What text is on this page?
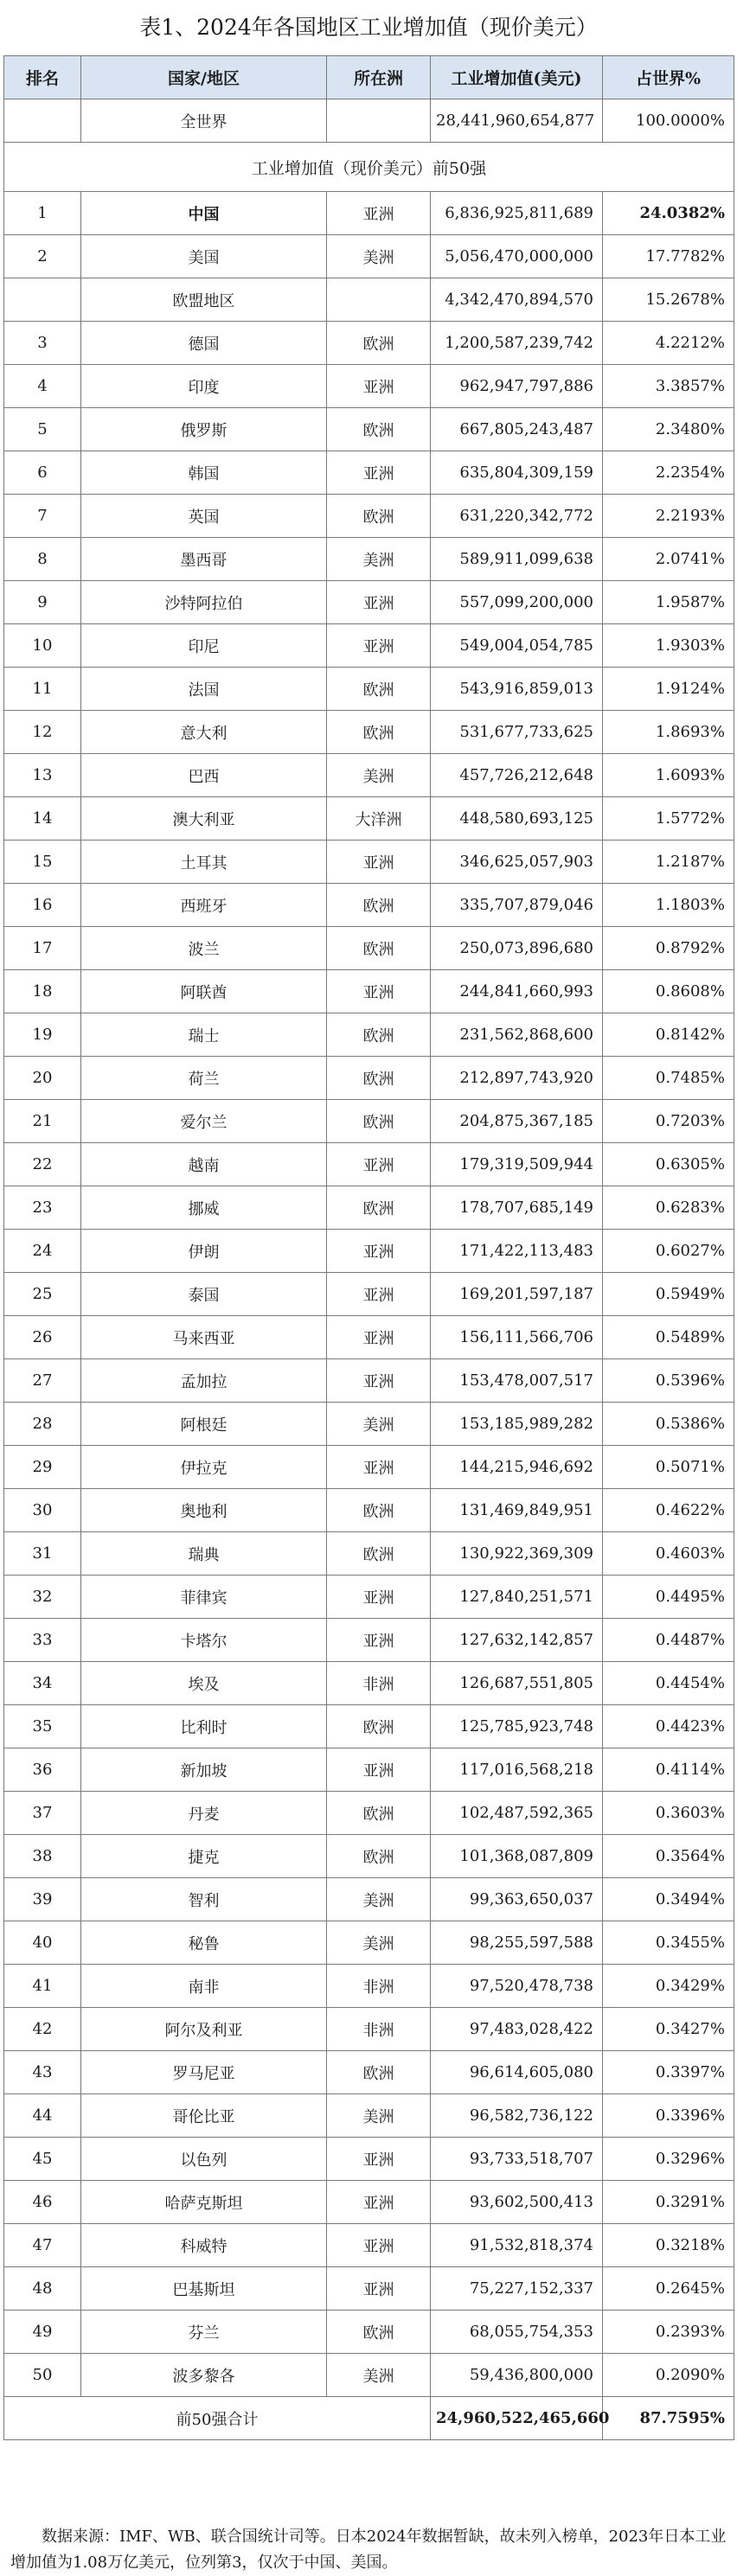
表1、2024年各国地区工业增加值（现价美元）
排名	国家/地区	所在洲	工业增加值(美元)	占世界%
	全世界		28,441,960,654,877	100.0000%
工业增加值（现价美元）前50强				
1	中国	亚洲	6,836,925,811,689	24.0382%
2	美国	美洲	5,056,470,000,000	17.7782%
	欧盟地区		4,342,470,894,570	15.2678%
3	德国	欧洲	1,200,587,239,742	4.2212%
4	印度	亚洲	962,947,797,886	3.3857%
5	俄罗斯	欧洲	667,805,243,487	2.3480%
6	韩国	亚洲	635,804,309,159	2.2354%
7	英国	欧洲	631,220,342,772	2.2193%
8	墨西哥	美洲	589,911,099,638	2.0741%
9	沙特阿拉伯	亚洲	557,099,200,000	1.9587%
10	印尼	亚洲	549,004,054,785	1.9303%
11	法国	欧洲	543,916,859,013	1.9124%
12	意大利	欧洲	531,677,733,625	1.8693%
13	巴西	美洲	457,726,212,648	1.6093%
14	澳大利亚	大洋洲	448,580,693,125	1.5772%
15	土耳其	亚洲	346,625,057,903	1.2187%
16	西班牙	欧洲	335,707,879,046	1.1803%
17	波兰	欧洲	250,073,896,680	0.8792%
18	阿联酋	亚洲	244,841,660,993	0.8608%
19	瑞士	欧洲	231,562,868,600	0.8142%
20	荷兰	欧洲	212,897,743,920	0.7485%
21	爱尔兰	欧洲	204,875,367,185	0.7203%
22	越南	亚洲	179,319,509,944	0.6305%
23	挪威	欧洲	178,707,685,149	0.6283%
24	伊朗	亚洲	171,422,113,483	0.6027%
25	泰国	亚洲	169,201,597,187	0.5949%
26	马来西亚	亚洲	156,111,566,706	0.5489%
27	孟加拉	亚洲	153,478,007,517	0.5396%
28	阿根廷	美洲	153,185,989,282	0.5386%
29	伊拉克	亚洲	144,215,946,692	0.5071%
30	奥地利	欧洲	131,469,849,951	0.4622%
31	瑞典	欧洲	130,922,369,309	0.4603%
32	菲律宾	亚洲	127,840,251,571	0.4495%
33	卡塔尔	亚洲	127,632,142,857	0.4487%
34	埃及	非洲	126,687,551,805	0.4454%
35	比利时	欧洲	125,785,923,748	0.4423%
36	新加坡	亚洲	117,016,568,218	0.4114%
37	丹麦	欧洲	102,487,592,365	0.3603%
38	捷克	欧洲	101,368,087,809	0.3564%
39	智利	美洲	99,363,650,037	0.3494%
40	秘鲁	美洲	98,255,597,588	0.3455%
41	南非	非洲	97,520,478,738	0.3429%
42	阿尔及利亚	非洲	97,483,028,422	0.3427%
43	罗马尼亚	欧洲	96,614,605,080	0.3397%
44	哥伦比亚	美洲	96,582,736,122	0.3396%
45	以色列	亚洲	93,733,518,707	0.3296%
46	哈萨克斯坦	亚洲	93,602,500,413	0.3291%
47	科威特	亚洲	91,532,818,374	0.3218%
48	巴基斯坦	亚洲	75,227,152,337	0.2645%
49	芬兰	欧洲	68,055,754,353	0.2393%
50	波多黎各	美洲	59,436,800,000	0.2090%
前50强合计			24,960,522,465,660	87.7595%

数据来源：IMF、WB、联合国统计司等。日本2024年数据暂缺，故未列入榜单，2023年日本工业增加值为1.08万亿美元，位列第3，仅次于中国、美国。
